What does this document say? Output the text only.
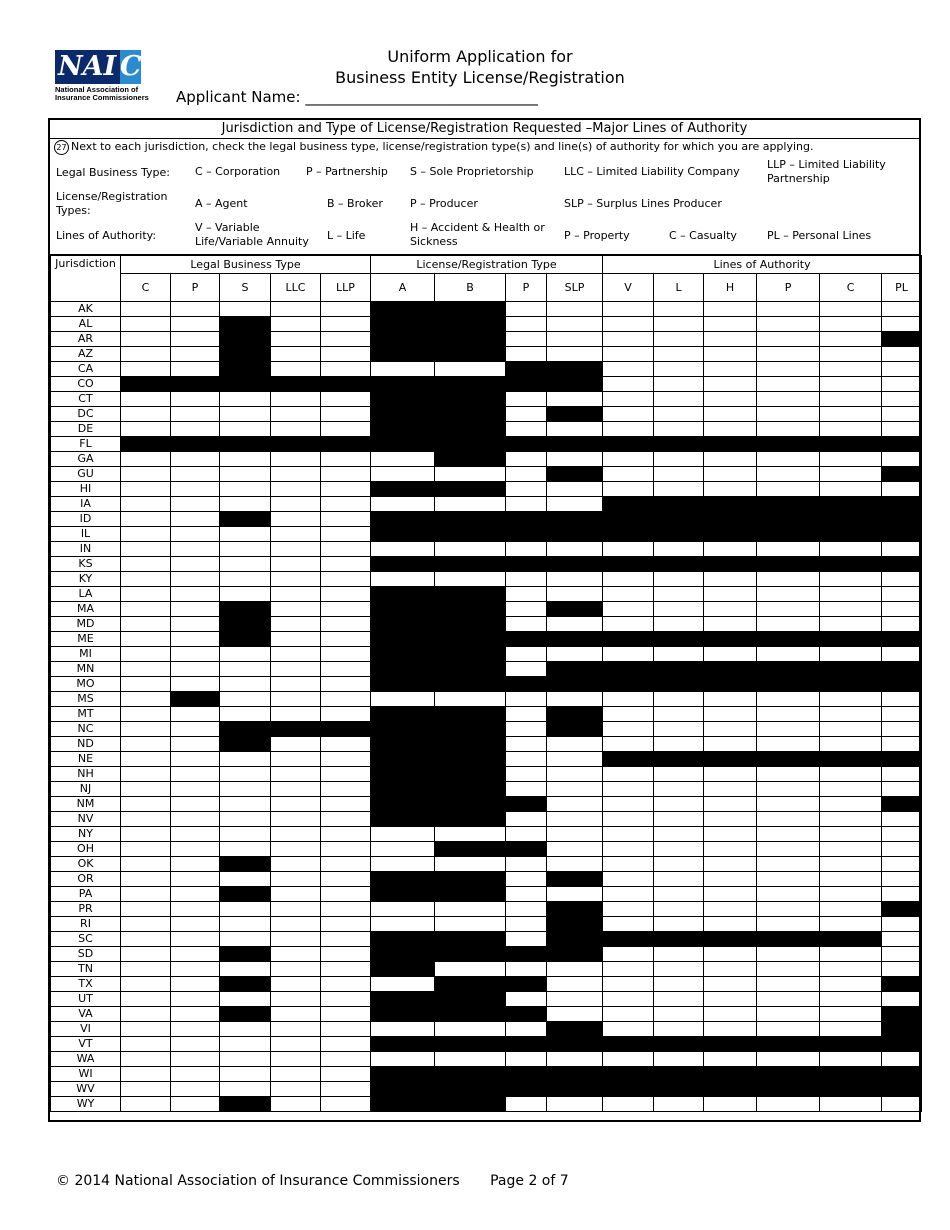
NAI C
National Association of
Insurance Commissioners
Uniform Application for
Business Entity License/Registration
Applicant Name: _______________________________
Jurisdiction and Type of License/Registration Requested –Major Lines of Authority
27 Next to each jurisdiction, check the legal business type, license/registration type(s) and line(s) of authority for which you are applying.
Legal Business Type: C – Corporation P – Partnership S – Sole Proprietorship	LLC – Limited Liability Company
LLP – Limited Liability Partnership
License/Registration Types:
A – Agent	B – Broker P – Producer	SLP – Surplus Lines Producer
Lines of Authority:
V – Variable Life/Variable Annuity	L – Life
H – Accident & Health or Sickness	P – Property	C – Casualty	PL – Personal Lines
Jurisdiction	Legal Business Type					License/Registration Type				Lines of Authority					
	C	P	S	LLC	LLP	A	B	P	SLP	V	L	H	P	C	PL
AK															
AL															
AR															
AZ															
CA															
CO															
CT															
DC															
DE															
FL															
GA															
GU															
HI															
IA															
ID															
IL															
IN															
KS															
KY															
LA															
MA															
MD															
ME															
MI															
MN															
MO															
MS															
MT															
NC															
ND															
NE															
NH															
NJ															
NM															
NV															
NY															
OH															
OK															
OR															
PA															
PR															
RI															
SC															
SD															
TN															
TX															
UT															
VA															
VI															
VT															
WA															
WI															
WV															
WY															
© 2014 National Association of Insurance Commissioners Page 2 of 7
